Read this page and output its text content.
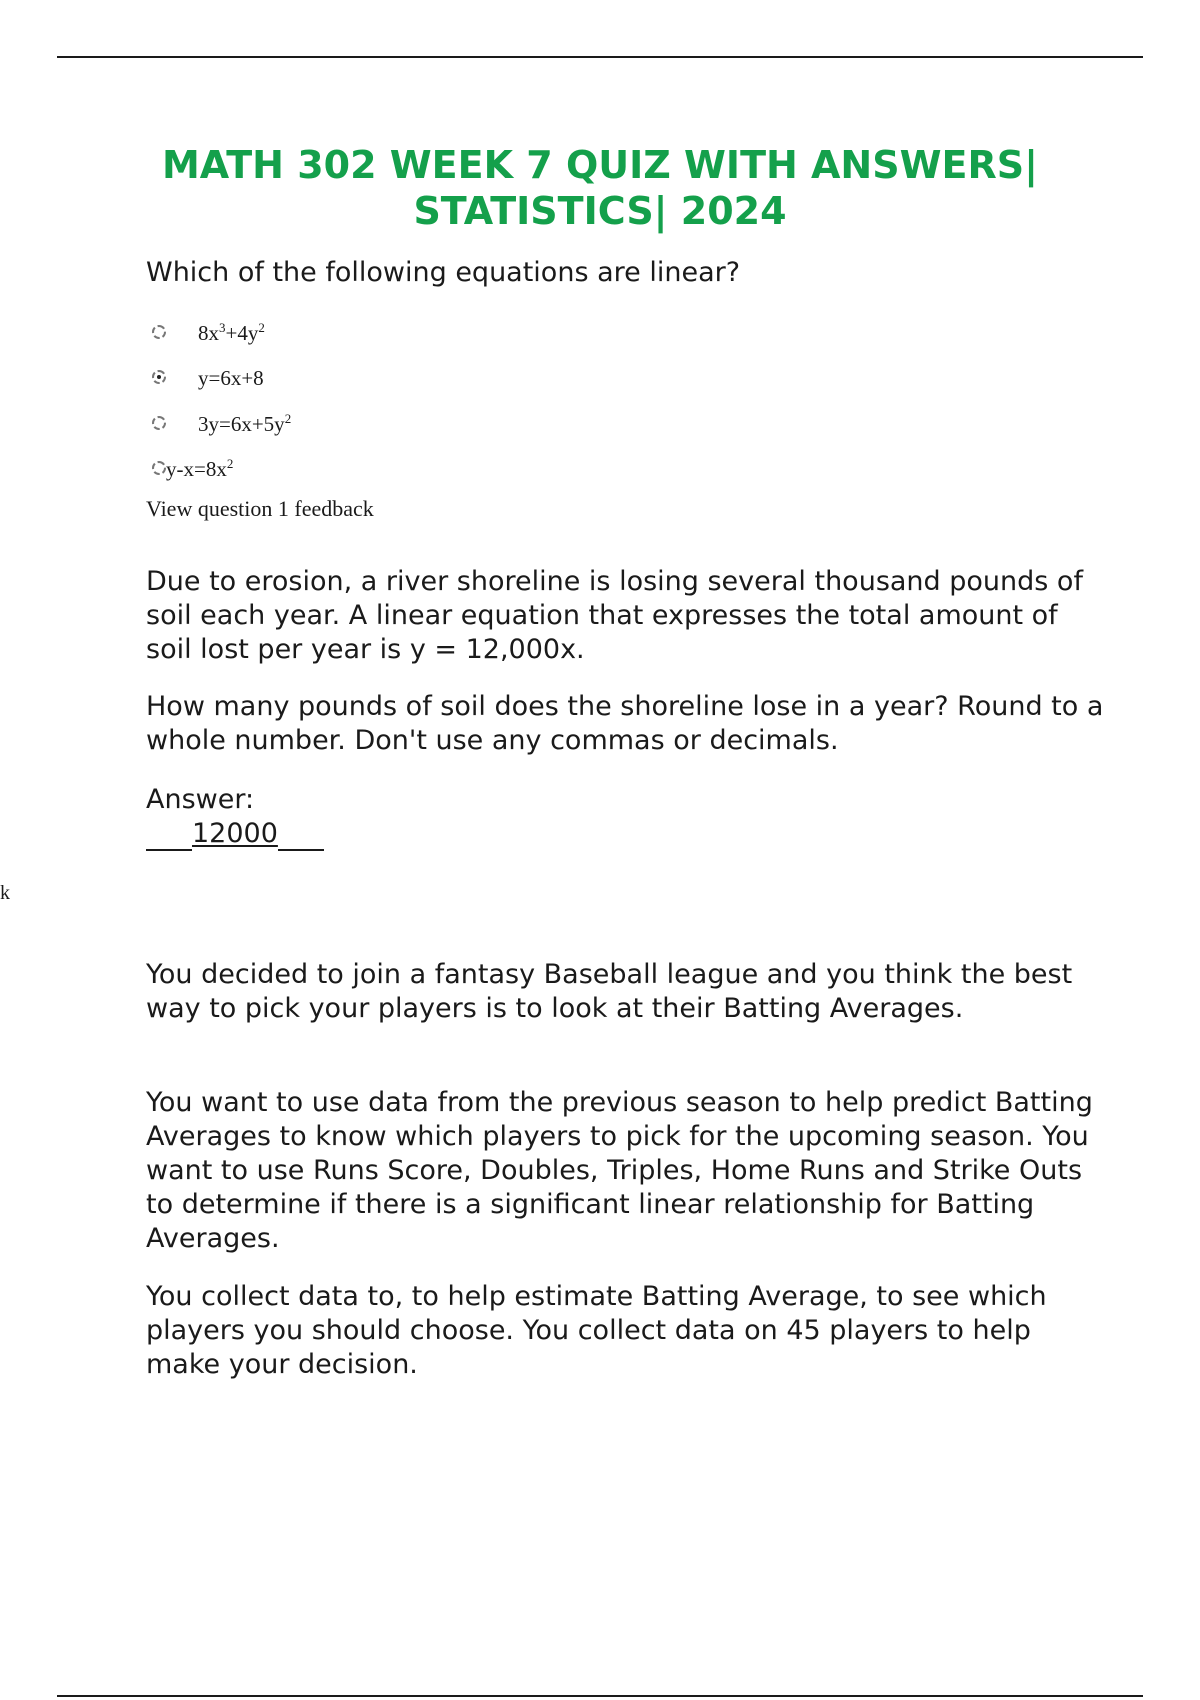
MATH 302 WEEK 7 QUIZ WITH ANSWERS|
STATISTICS| 2024
Which of the following equations are linear?
$8x^3+4y^2$
y=6x+8
$3y=6x+5y^2$
$y-x=8x^2$
View question 1 feedback
Due to erosion, a river shoreline is losing several thousand pounds of soil each year. A linear equation that expresses the total amount of soil lost per year is y = 12,000x.
How many pounds of soil does the shoreline lose in a year? Round to a whole number. Don't use any commas or decimals.
Answer:
12000
k
You decided to join a fantasy Baseball league and you think the best way to pick your players is to look at their Batting Averages.
You want to use data from the previous season to help predict Batting Averages to know which players to pick for the upcoming season. You want to use Runs Score, Doubles, Triples, Home Runs and Strike Outs to determine if there is a significant linear relationship for Batting Averages.
You collect data to, to help estimate Batting Average, to see which players you should choose. You collect data on 45 players to help make your decision.
